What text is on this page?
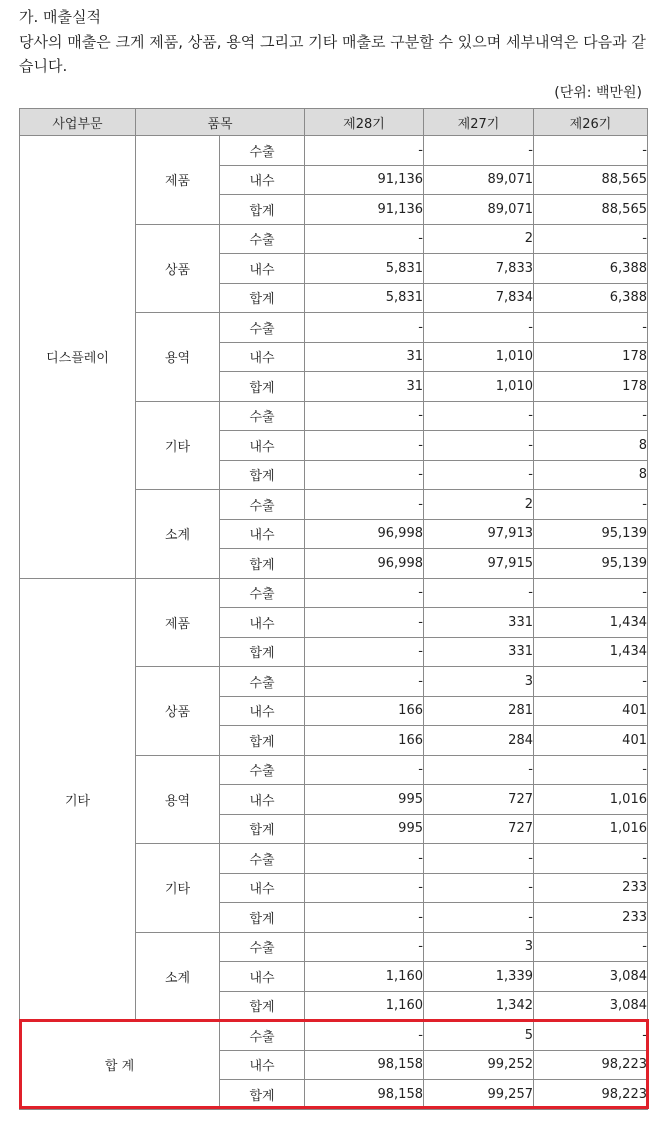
가. 매출실적
당사의 매출은 크게 제품, 상품, 용역 그리고 기타 매출로 구분할 수 있으며 세부내역은 다음과 같습니다.
(단위: 백만원)
사업부문	품목		제28기	제27기	제26기
디스플레이	제품	수출	-	-	-
		내수	91,136	89,071	88,565
		합계	91,136	89,071	88,565
	상품	수출	-	2	-
		내수	5,831	7,833	6,388
		합계	5,831	7,834	6,388
	용역	수출	-	-	-
		내수	31	1,010	178
		합계	31	1,010	178
	기타	수출	-	-	-
		내수	-	-	8
		합계	-	-	8
	소계	수출	-	2	-
		내수	96,998	97,913	95,139
		합계	96,998	97,915	95,139
기타	제품	수출	-	-	-
		내수	-	331	1,434
		합계	-	331	1,434
	상품	수출	-	3	-
		내수	166	281	401
		합계	166	284	401
	용역	수출	-	-	-
		내수	995	727	1,016
		합계	995	727	1,016
	기타	수출	-	-	-
		내수	-	-	233
		합계	-	-	233
	소계	수출	-	3	-
		내수	1,160	1,339	3,084
		합계	1,160	1,342	3,084
합 계		수출	-	5	-
		내수	98,158	99,252	98,223
		합계	98,158	99,257	98,223
